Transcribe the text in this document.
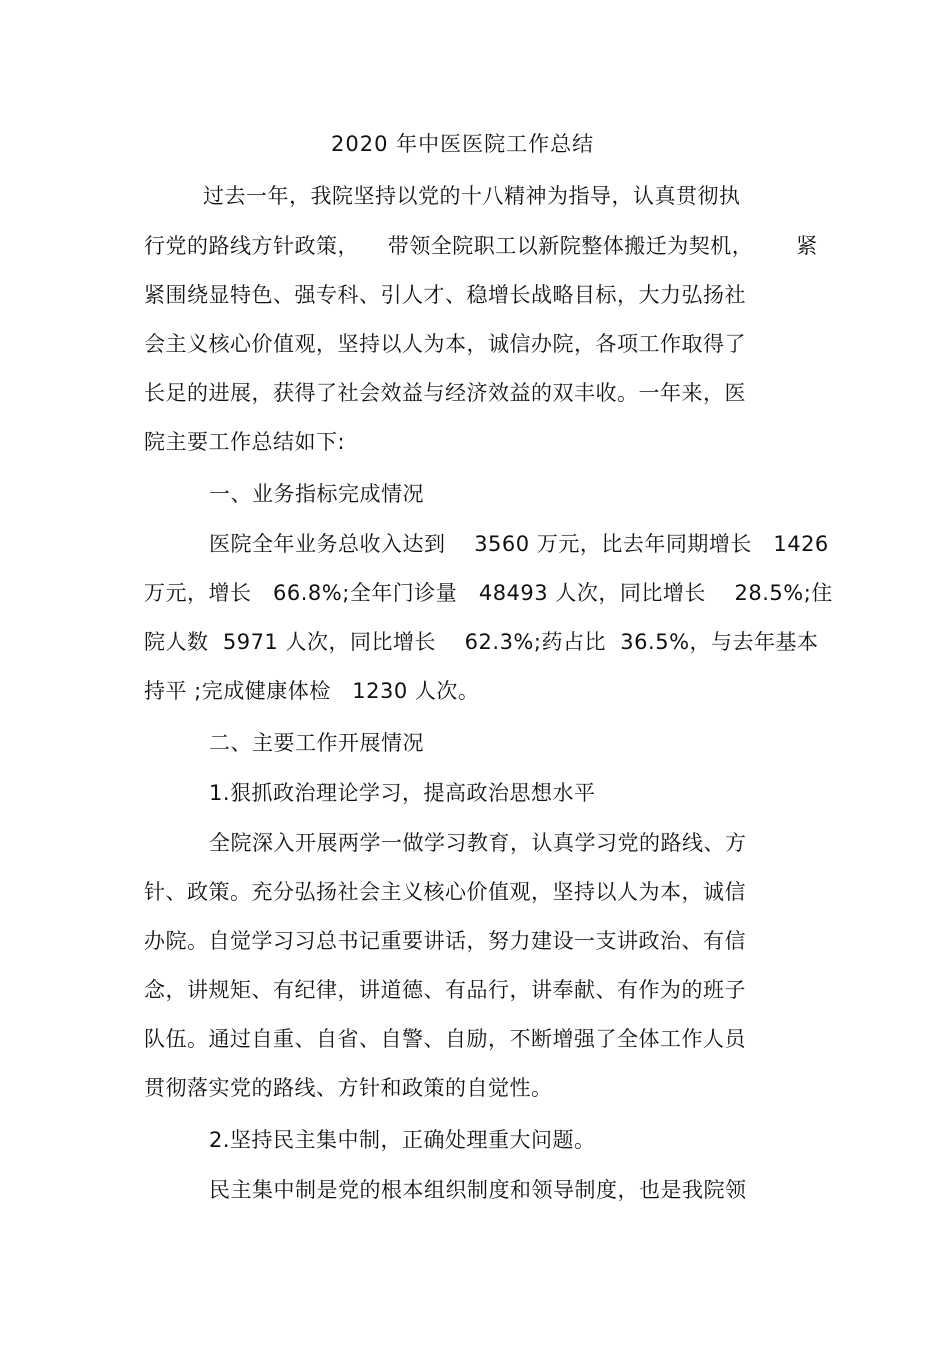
2020 年中医医院工作总结
过去一年，我院坚持以党的十八精神为指导，认真贯彻执
行党的路线方针政策，    带领全院职工以新院整体搬迁为契机，      紧
紧围绕显特色、强专科、引人才、稳增长战略目标，大力弘扬社
会主义核心价值观，坚持以人为本，诚信办院，各项工作取得了
长足的进展，获得了社会效益与经济效益的双丰收。一年来，医
院主要工作总结如下:
一、业务指标完成情况
医院全年业务总收入达到    3560 万元，比去年同期增长   1426
万元，增长   66.8%;全年门诊量   48493 人次，同比增长    28.5%;住
院人数  5971 人次，同比增长    62.3%;药占比  36.5%，与去年基本
持平 ;完成健康体检   1230 人次。
二、主要工作开展情况
1.狠抓政治理论学习，提高政治思想水平
全院深入开展两学一做学习教育，认真学习党的路线、方
针、政策。充分弘扬社会主义核心价值观，坚持以人为本，诚信
办院。自觉学习习总书记重要讲话，努力建设一支讲政治、有信
念，讲规矩、有纪律，讲道德、有品行，讲奉献、有作为的班子
队伍。通过自重、自省、自警、自励，不断增强了全体工作人员
贯彻落实党的路线、方针和政策的自觉性。
2.坚持民主集中制，正确处理重大问题。
民主集中制是党的根本组织制度和领导制度，也是我院领
